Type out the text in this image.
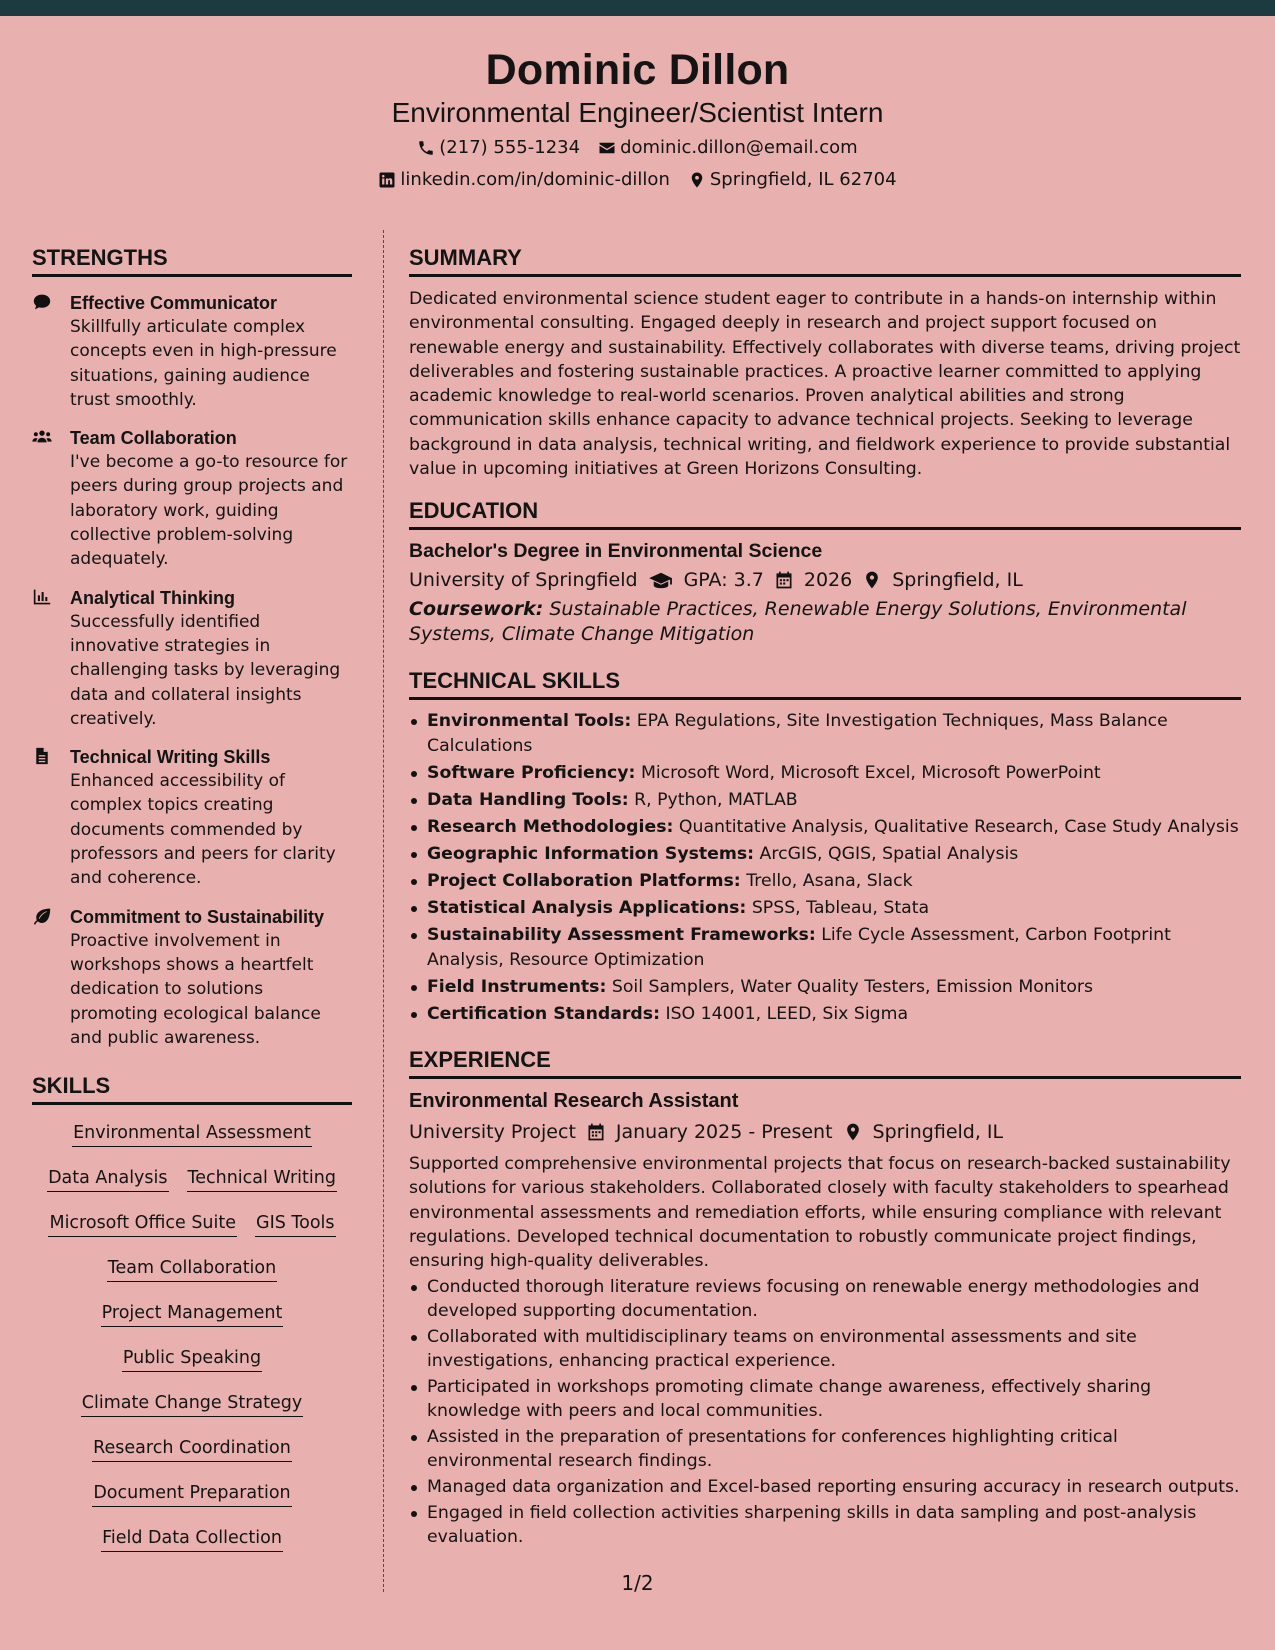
Dominic Dillon
Environmental Engineer/Scientist Intern
(217) 555-1234 dominic.dillon@email.com
linkedin.com/in/dominic-dillon Springfield, IL 62704
STRENGTHS
Effective Communicator
Skillfully articulate complex concepts even in high-pressure situations, gaining audience trust smoothly.
Team Collaboration
I've become a go-to resource for peers during group projects and laboratory work, guiding collective problem-solving adequately.
Analytical Thinking
Successfully identified innovative strategies in challenging tasks by leveraging data and collateral insights creatively.
Technical Writing Skills
Enhanced accessibility of complex topics creating documents commended by professors and peers for clarity and coherence.
Commitment to Sustainability
Proactive involvement in workshops shows a heartfelt dedication to solutions promoting ecological balance and public awareness.
SKILLS
Environmental Assessment
Data Analysis Technical Writing
Microsoft Office Suite GIS Tools
Team Collaboration
Project Management
Public Speaking
Climate Change Strategy
Research Coordination
Document Preparation
Field Data Collection
SUMMARY

Dedicated environmental science student eager to contribute in a hands-on internship within environmental consulting. Engaged deeply in research and project support focused on renewable energy and sustainability. Effectively collaborates with diverse teams, driving project deliverables and fostering sustainable practices. A proactive learner committed to applying academic knowledge to real-world scenarios. Proven analytical abilities and strong communication skills enhance capacity to advance technical projects. Seeking to leverage background in data analysis, technical writing, and fieldwork experience to provide substantial value in upcoming initiatives at Green Horizons Consulting.

EDUCATION
Bachelor's Degree in Environmental Science
University of Springfield GPA: 3.7 2026 Springfield, IL

Coursework: Sustainable Practices, Renewable Energy Solutions, Environmental Systems, Climate Change Mitigation

TECHNICAL SKILLS
Environmental Tools: EPA Regulations, Site Investigation Techniques, Mass Balance Calculations
Software Proficiency: Microsoft Word, Microsoft Excel, Microsoft PowerPoint
Data Handling Tools: R, Python, MATLAB
Research Methodologies: Quantitative Analysis, Qualitative Research, Case Study Analysis
Geographic Information Systems: ArcGIS, QGIS, Spatial Analysis
Project Collaboration Platforms: Trello, Asana, Slack
Statistical Analysis Applications: SPSS, Tableau, Stata
Sustainability Assessment Frameworks: Life Cycle Assessment, Carbon Footprint Analysis, Resource Optimization
Field Instruments: Soil Samplers, Water Quality Testers, Emission Monitors
Certification Standards: ISO 14001, LEED, Six Sigma
EXPERIENCE
Environmental Research Assistant
University Project January 2025 - Present Springfield, IL

Supported comprehensive environmental projects that focus on research-backed sustainability solutions for various stakeholders. Collaborated closely with faculty stakeholders to spearhead environmental assessments and remediation efforts, while ensuring compliance with relevant regulations. Developed technical documentation to robustly communicate project findings, ensuring high-quality deliverables.

Conducted thorough literature reviews focusing on renewable energy methodologies and developed supporting documentation.
Collaborated with multidisciplinary teams on environmental assessments and site investigations, enhancing practical experience.
Participated in workshops promoting climate change awareness, effectively sharing knowledge with peers and local communities.
Assisted in the preparation of presentations for conferences highlighting critical environmental research findings.
Managed data organization and Excel-based reporting ensuring accuracy in research outputs.
Engaged in field collection activities sharpening skills in data sampling and post-analysis evaluation.
1/2
